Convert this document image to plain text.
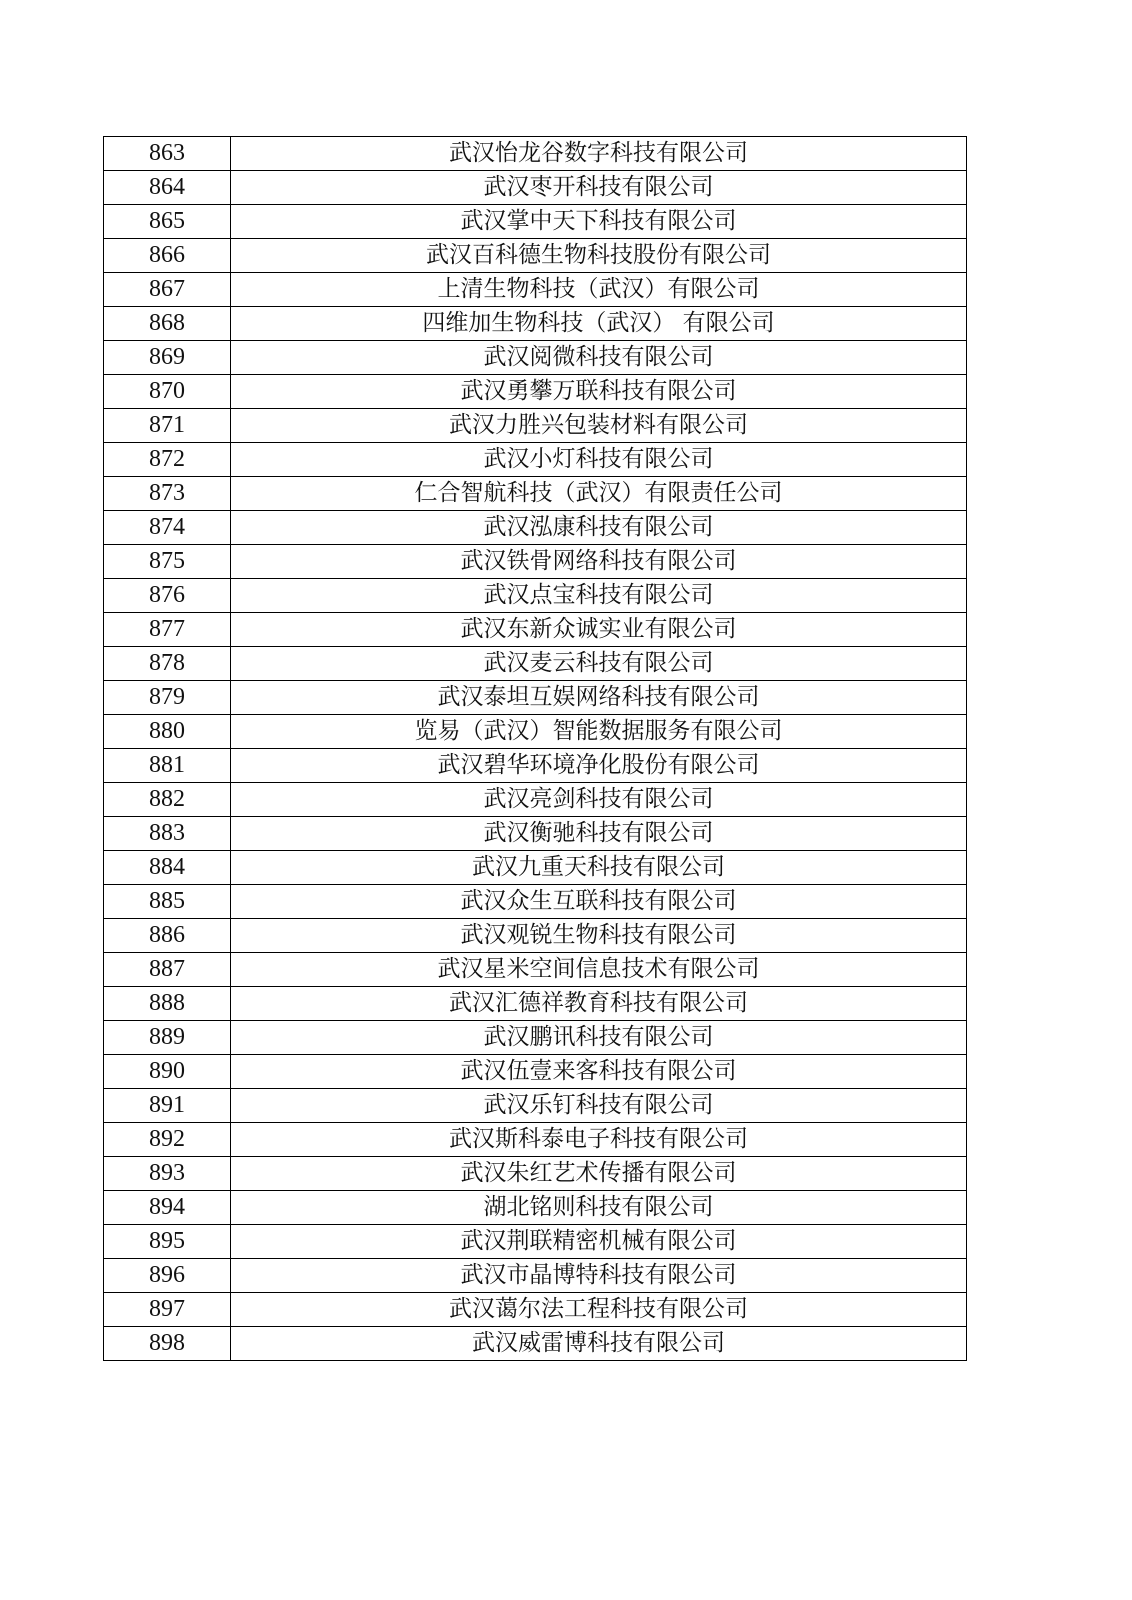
863	武汉怡龙谷数字科技有限公司
864	武汉枣开科技有限公司
865	武汉掌中天下科技有限公司
866	武汉百科德生物科技股份有限公司
867	上清生物科技（武汉）有限公司
868	四维加生物科技（武汉） 有限公司
869	武汉阅微科技有限公司
870	武汉勇攀万联科技有限公司
871	武汉力胜兴包装材料有限公司
872	武汉小灯科技有限公司
873	仁合智航科技（武汉）有限责任公司
874	武汉泓康科技有限公司
875	武汉铁骨网络科技有限公司
876	武汉点宝科技有限公司
877	武汉东新众诚实业有限公司
878	武汉麦云科技有限公司
879	武汉泰坦互娱网络科技有限公司
880	览易（武汉）智能数据服务有限公司
881	武汉碧华环境净化股份有限公司
882	武汉亮剑科技有限公司
883	武汉衡驰科技有限公司
884	武汉九重天科技有限公司
885	武汉众生互联科技有限公司
886	武汉观锐生物科技有限公司
887	武汉星米空间信息技术有限公司
888	武汉汇德祥教育科技有限公司
889	武汉鹏讯科技有限公司
890	武汉伍壹来客科技有限公司
891	武汉乐钉科技有限公司
892	武汉斯科泰电子科技有限公司
893	武汉朱红艺术传播有限公司
894	湖北铭则科技有限公司
895	武汉荆联精密机械有限公司
896	武汉市晶博特科技有限公司
897	武汉蔼尔法工程科技有限公司
898	武汉威雷博科技有限公司
